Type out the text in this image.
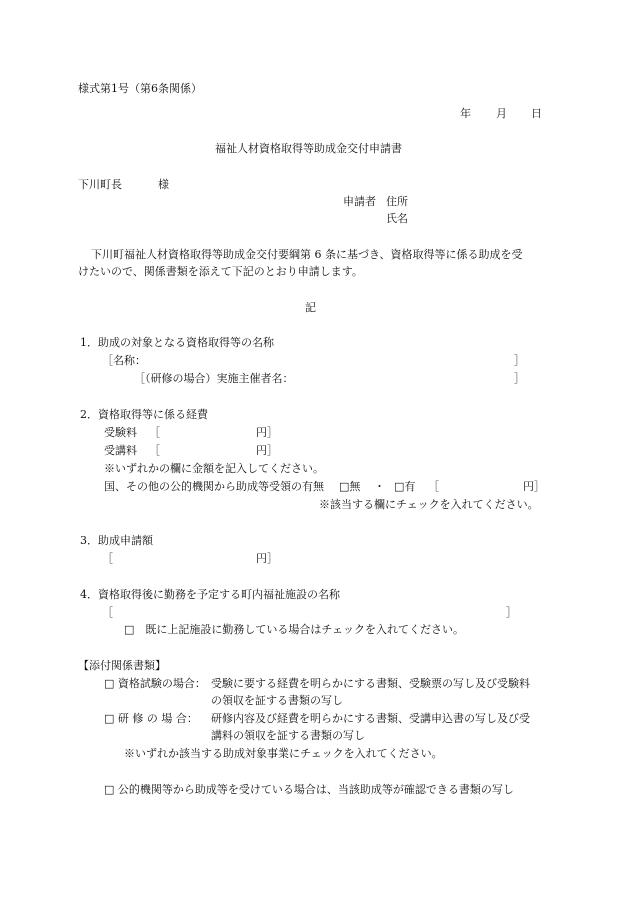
様式第1号（第6条関係）
年 月 日
福祉人材資格取得等助成金交付申請書
下川町長	様
申請者 住所
氏名
下川町福祉人材資格取得等助成金交付要綱第 6 条に基づき、資格取得等に係る助成を受
けたいので、関係書類を添えて下記のとおり申請します。
記
1．助成の対象となる資格取得等の名称
［名称：	］
［（研修の場合）実施主催者名：	］
2．資格取得等に係る経費
受験料 ［	円］
受講料 ［	円］
※いずれかの欄に金額を記入してください。
国、その他の公的機関から助成等受領の有無 □無 ・ □有 ［	円］
※該当する欄にチェックを入れてください。
3．助成申請額
［	円］
4．資格取得後に勤務を予定する町内福祉施設の名称
［	］
□　既に上記施設に勤務している場合はチェックを入れてください。
【添付関係書類】
□ 資格試験の場合： 受験に要する経費を明らかにする書類、受験票の写し及び受験料
の領収を証する書類の写し
□ 研 修 の 場 合： 研修内容及び経費を明らかにする書類、受講申込書の写し及び受
講料の領収を証する書類の写し
※いずれか該当する助成対象事業にチェックを入れてください。
□ 公的機関等から助成等を受けている場合は、当該助成等が確認できる書類の写し
